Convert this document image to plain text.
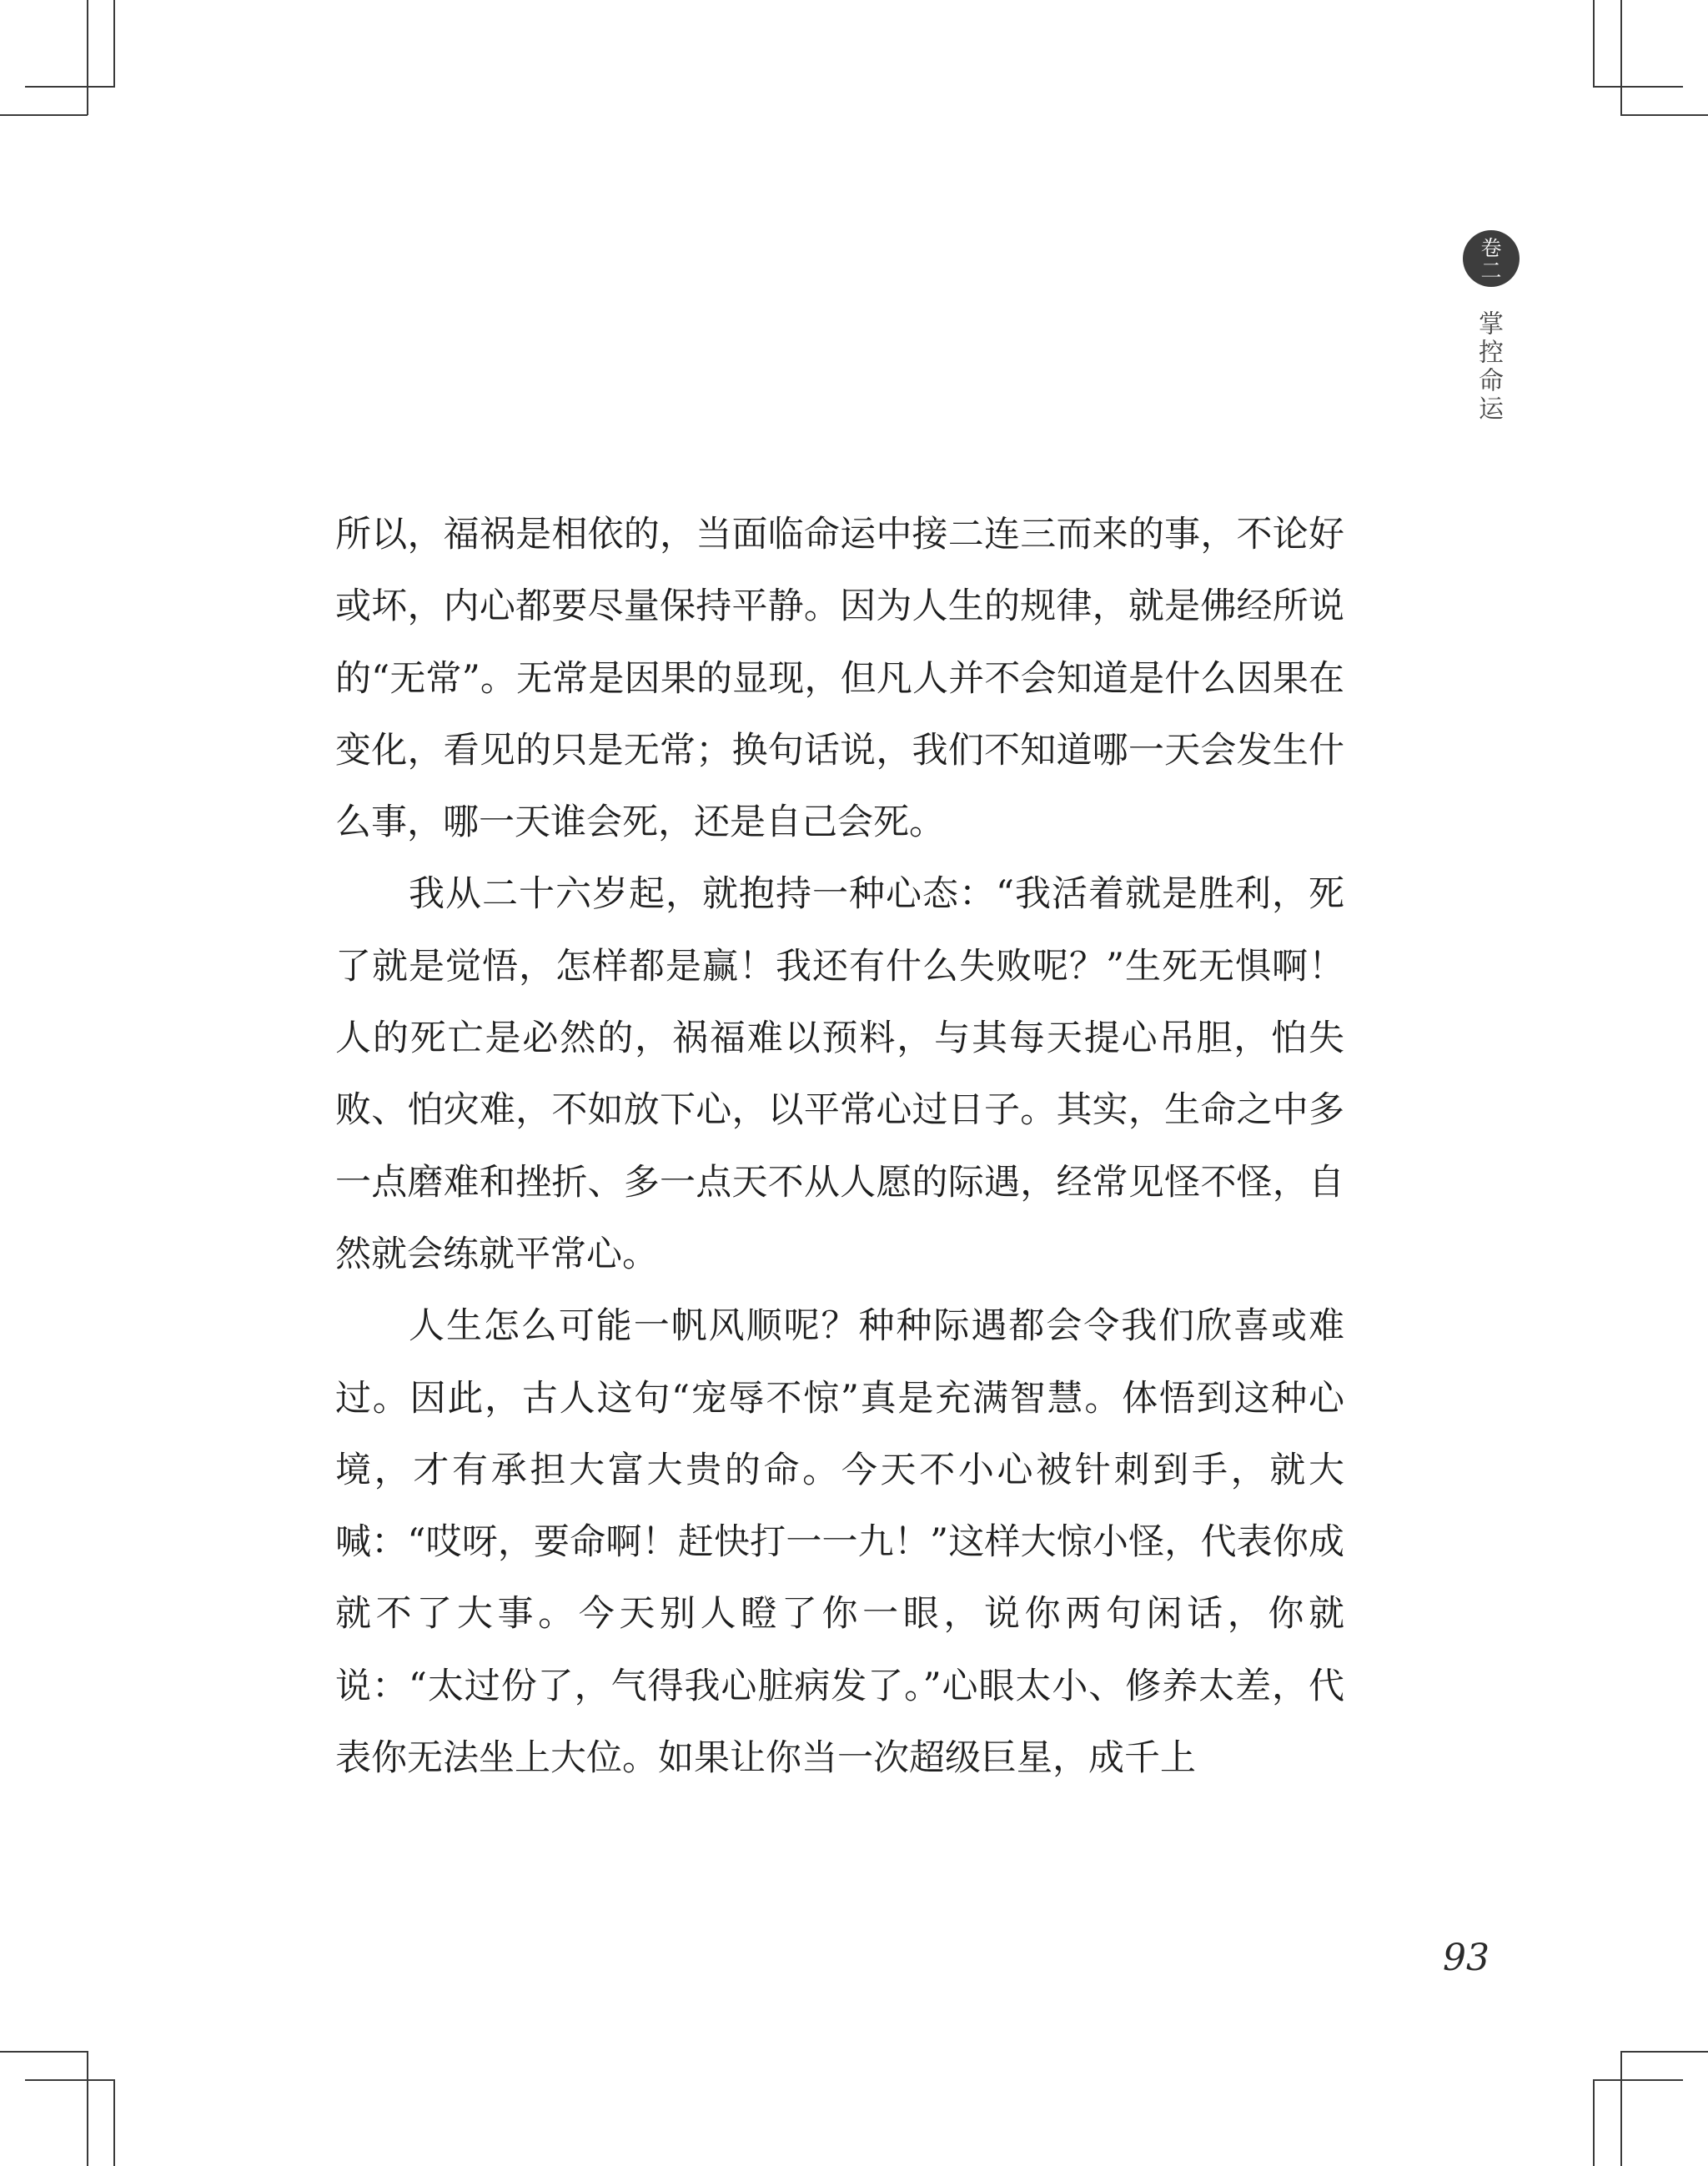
卷
二
掌控命运

所以，福祸是相依的，当面临命运中接二连三而来的事，不论好或坏，内心都要尽量保持平静。因为人生的规律，就是佛经所说的“无常”。无常是因果的显现，但凡人并不会知道是什么因果在变化，看见的只是无常；换句话说，我们不知道哪一天会发生什么事，哪一天谁会死，还是自己会死。

我从二十六岁起，就抱持一种心态：“我活着就是胜利，死了就是觉悟，怎样都是赢！我还有什么失败呢？”生死无惧啊！人的死亡是必然的，祸福难以预料，与其每天提心吊胆，怕失败、怕灾难，不如放下心，以平常心过日子。其实，生命之中多一点磨难和挫折、多一点天不从人愿的际遇，经常见怪不怪，自然就会练就平常心。

人生怎么可能一帆风顺呢？种种际遇都会令我们欣喜或难过。因此，古人这句“宠辱不惊”真是充满智慧。体悟到这种心境，才有承担大富大贵的命。今天不小心被针刺到手，就大喊：“哎呀，要命啊！赶快打一一九！”这样大惊小怪，代表你成就不了大事。今天别人瞪了你一眼，说你两句闲话，你就说：“太过份了，气得我心脏病发了。”心眼太小、修养太差，代表你无法坐上大位。如果让你当一次超级巨星，成千上

93
